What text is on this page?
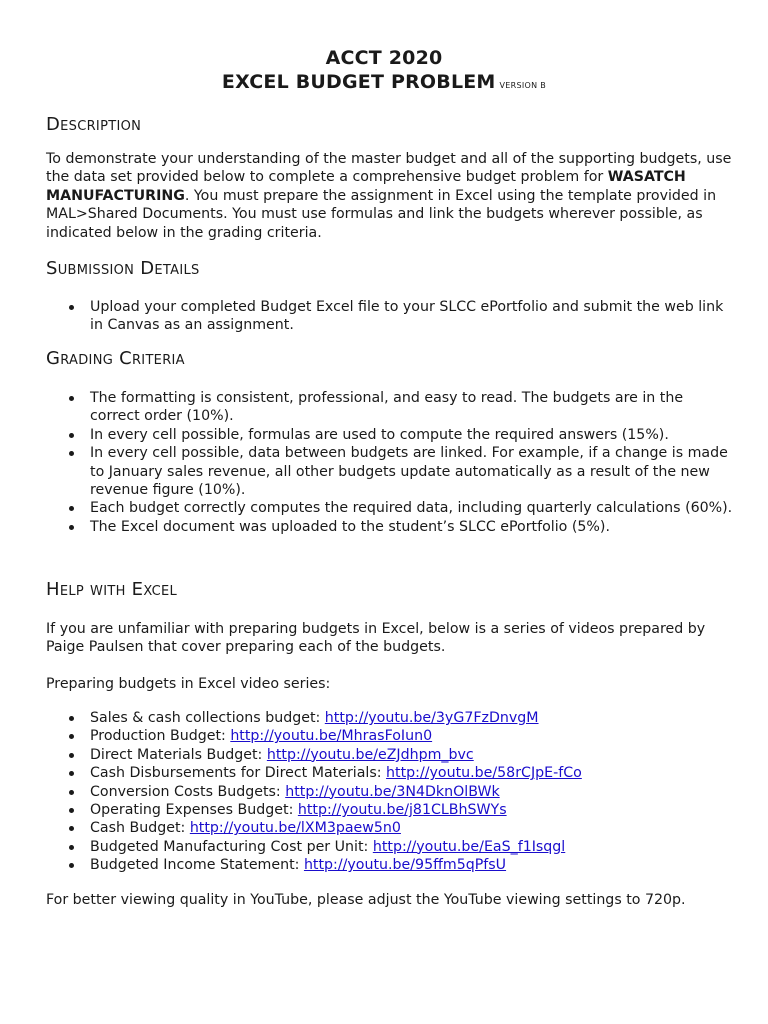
ACCT 2020
EXCEL BUDGET PROBLEM VERSION B
Description
To demonstrate your understanding of the master budget and all of the supporting budgets, use the data set provided below to complete a comprehensive budget problem for WASATCH MANUFACTURING. You must prepare the assignment in Excel using the template provided in MAL>Shared Documents. You must use formulas and link the budgets wherever possible, as indicated below in the grading criteria.
Submission Details
Upload your completed Budget Excel file to your SLCC ePortfolio and submit the web link in Canvas as an assignment.
Grading Criteria
The formatting is consistent, professional, and easy to read. The budgets are in the correct order (10%).
In every cell possible, formulas are used to compute the required answers (15%).
In every cell possible, data between budgets are linked. For example, if a change is made to January sales revenue, all other budgets update automatically as a result of the new revenue figure (10%).
Each budget correctly computes the required data, including quarterly calculations (60%).
The Excel document was uploaded to the student’s SLCC ePortfolio (5%).
Help with Excel
If you are unfamiliar with preparing budgets in Excel, below is a series of videos prepared by Paige Paulsen that cover preparing each of the budgets.
Preparing budgets in Excel video series:
Sales & cash collections budget: http://youtu.be/3yG7FzDnvgM
Production Budget: http://youtu.be/MhrasFoIun0
Direct Materials Budget: http://youtu.be/eZJdhpm_bvc
Cash Disbursements for Direct Materials: http://youtu.be/58rCJpE-fCo
Conversion Costs Budgets: http://youtu.be/3N4DknOlBWk
Operating Expenses Budget: http://youtu.be/j81CLBhSWYs
Cash Budget: http://youtu.be/lXM3paew5n0
Budgeted Manufacturing Cost per Unit: http://youtu.be/EaS_f1Isqgl
Budgeted Income Statement: http://youtu.be/95ffm5qPfsU
For better viewing quality in YouTube, please adjust the YouTube viewing settings to 720p.
